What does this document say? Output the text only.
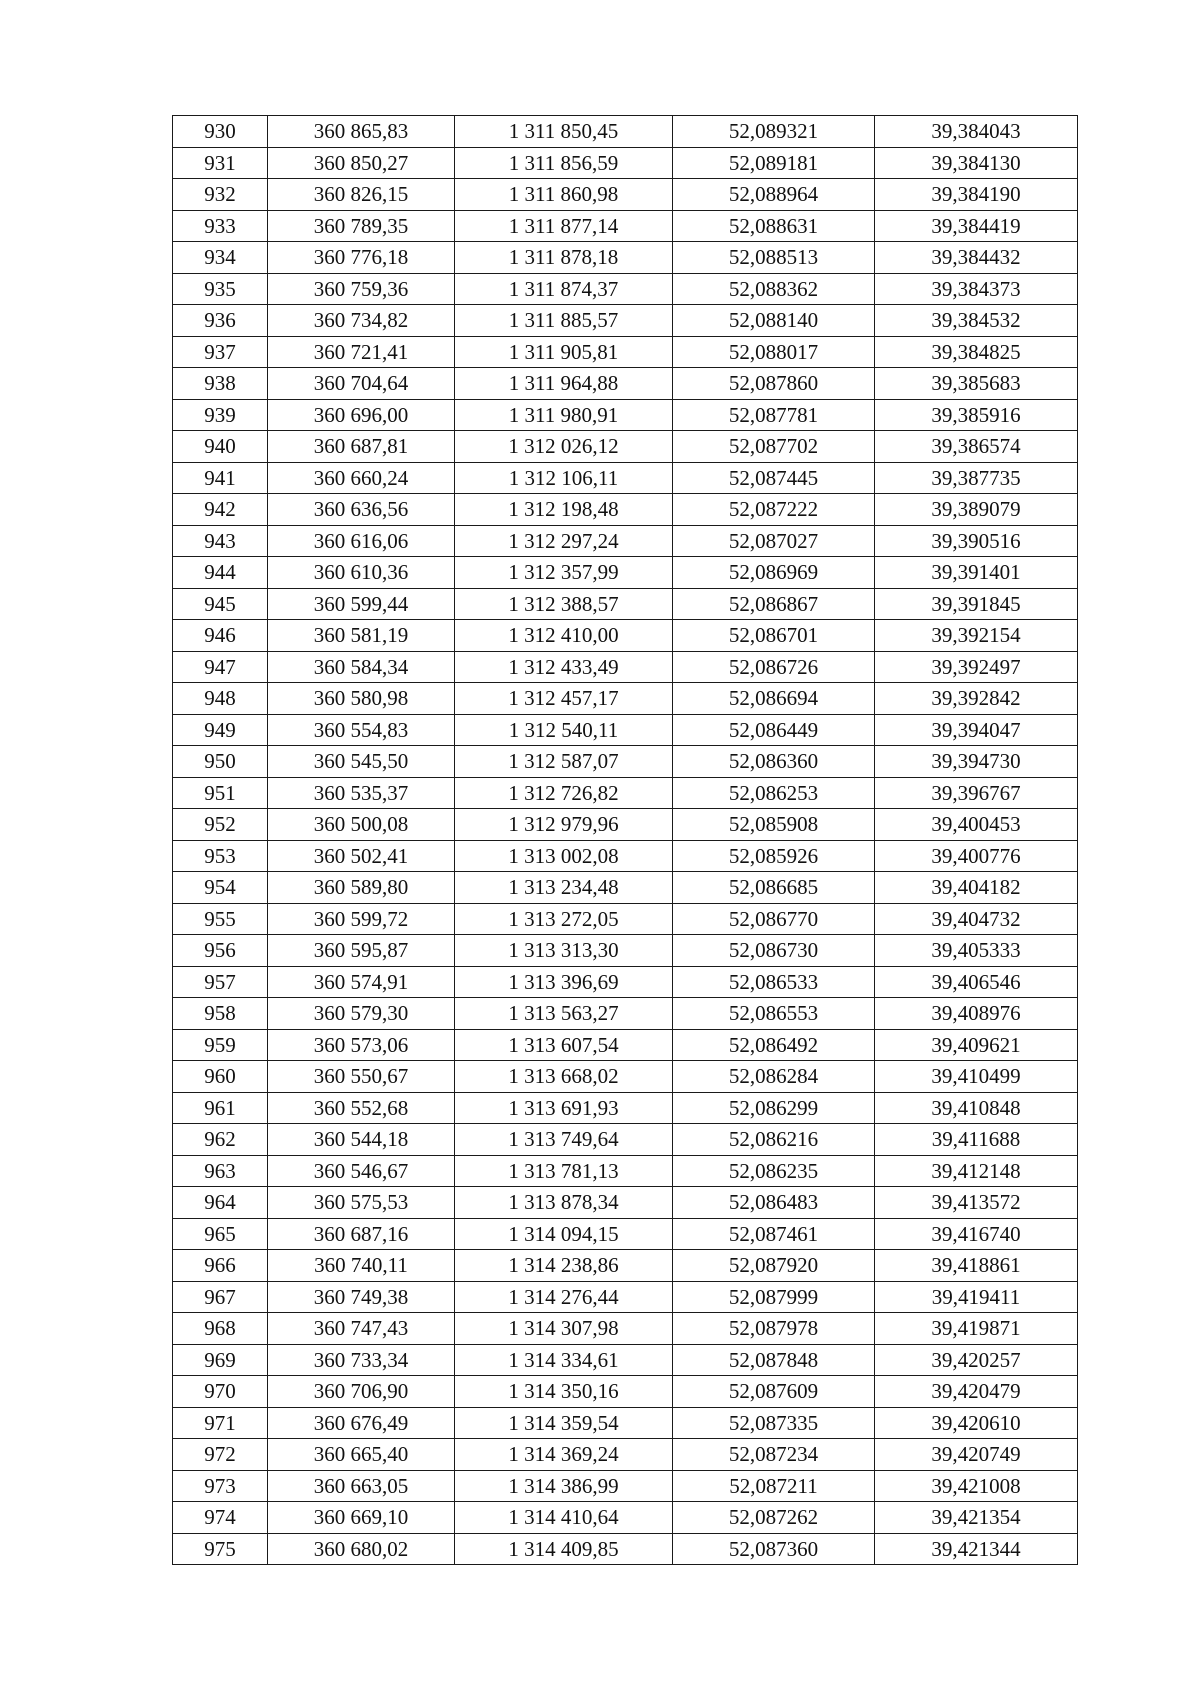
930	360 865,83	1 311 850,45	52,089321	39,384043
931	360 850,27	1 311 856,59	52,089181	39,384130
932	360 826,15	1 311 860,98	52,088964	39,384190
933	360 789,35	1 311 877,14	52,088631	39,384419
934	360 776,18	1 311 878,18	52,088513	39,384432
935	360 759,36	1 311 874,37	52,088362	39,384373
936	360 734,82	1 311 885,57	52,088140	39,384532
937	360 721,41	1 311 905,81	52,088017	39,384825
938	360 704,64	1 311 964,88	52,087860	39,385683
939	360 696,00	1 311 980,91	52,087781	39,385916
940	360 687,81	1 312 026,12	52,087702	39,386574
941	360 660,24	1 312 106,11	52,087445	39,387735
942	360 636,56	1 312 198,48	52,087222	39,389079
943	360 616,06	1 312 297,24	52,087027	39,390516
944	360 610,36	1 312 357,99	52,086969	39,391401
945	360 599,44	1 312 388,57	52,086867	39,391845
946	360 581,19	1 312 410,00	52,086701	39,392154
947	360 584,34	1 312 433,49	52,086726	39,392497
948	360 580,98	1 312 457,17	52,086694	39,392842
949	360 554,83	1 312 540,11	52,086449	39,394047
950	360 545,50	1 312 587,07	52,086360	39,394730
951	360 535,37	1 312 726,82	52,086253	39,396767
952	360 500,08	1 312 979,96	52,085908	39,400453
953	360 502,41	1 313 002,08	52,085926	39,400776
954	360 589,80	1 313 234,48	52,086685	39,404182
955	360 599,72	1 313 272,05	52,086770	39,404732
956	360 595,87	1 313 313,30	52,086730	39,405333
957	360 574,91	1 313 396,69	52,086533	39,406546
958	360 579,30	1 313 563,27	52,086553	39,408976
959	360 573,06	1 313 607,54	52,086492	39,409621
960	360 550,67	1 313 668,02	52,086284	39,410499
961	360 552,68	1 313 691,93	52,086299	39,410848
962	360 544,18	1 313 749,64	52,086216	39,411688
963	360 546,67	1 313 781,13	52,086235	39,412148
964	360 575,53	1 313 878,34	52,086483	39,413572
965	360 687,16	1 314 094,15	52,087461	39,416740
966	360 740,11	1 314 238,86	52,087920	39,418861
967	360 749,38	1 314 276,44	52,087999	39,419411
968	360 747,43	1 314 307,98	52,087978	39,419871
969	360 733,34	1 314 334,61	52,087848	39,420257
970	360 706,90	1 314 350,16	52,087609	39,420479
971	360 676,49	1 314 359,54	52,087335	39,420610
972	360 665,40	1 314 369,24	52,087234	39,420749
973	360 663,05	1 314 386,99	52,087211	39,421008
974	360 669,10	1 314 410,64	52,087262	39,421354
975	360 680,02	1 314 409,85	52,087360	39,421344
